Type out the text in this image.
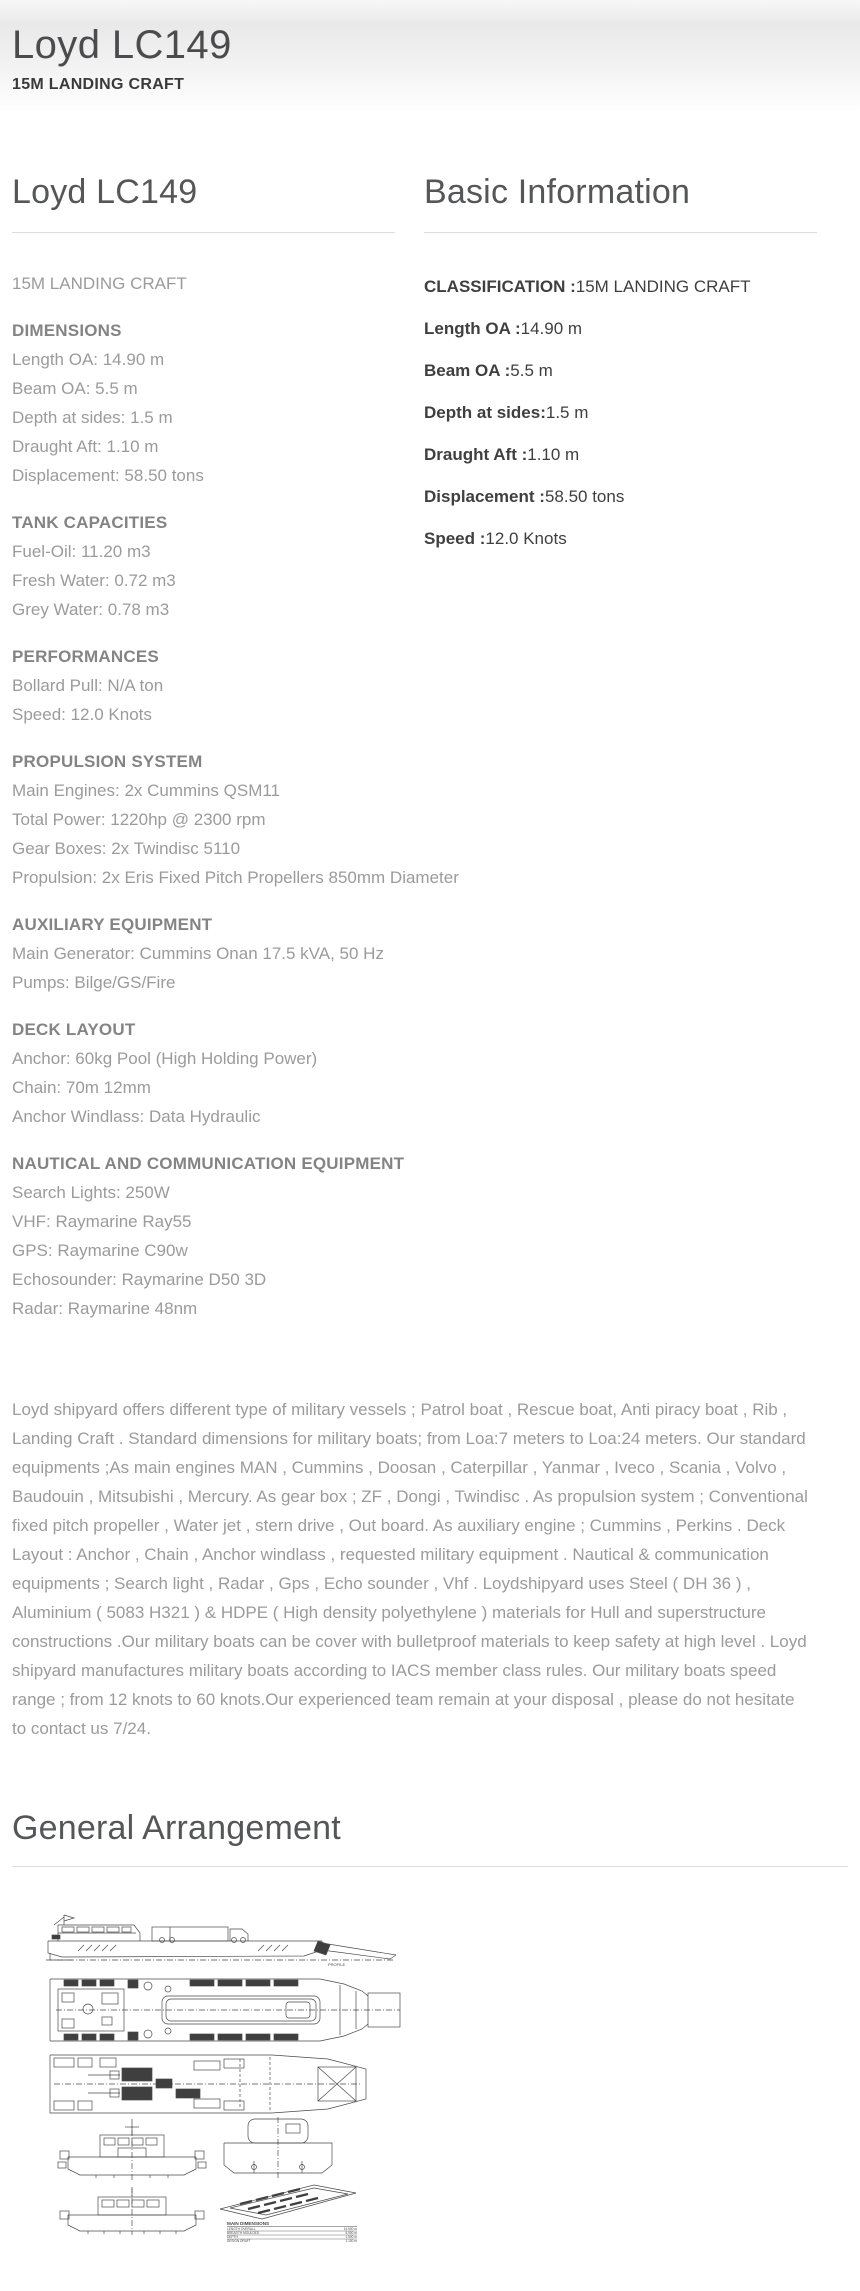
Loyd LC149
15M LANDING CRAFT
Loyd LC149
15M LANDING CRAFT
DIMENSIONS
Length OA: 14.90 m
Beam OA: 5.5 m
Depth at sides: 1.5 m
Draught Aft: 1.10 m
Displacement: 58.50 tons
TANK CAPACITIES
Fuel-Oil: 11.20 m3
Fresh Water: 0.72 m3
Grey Water: 0.78 m3
PERFORMANCES
Bollard Pull: N/A ton
Speed: 12.0 Knots
PROPULSION SYSTEM
Main Engines: 2x Cummins QSM11
Total Power: 1220hp @ 2300 rpm
Gear Boxes: 2x Twindisc 5110
Propulsion: 2x Eris Fixed Pitch Propellers 850mm Diameter
AUXILIARY EQUIPMENT
Main Generator: Cummins Onan 17.5 kVA, 50 Hz
Pumps: Bilge/GS/Fire
DECK LAYOUT
Anchor: 60kg Pool (High Holding Power)
Chain: 70m 12mm
Anchor Windlass: Data Hydraulic
NAUTICAL AND COMMUNICATION EQUIPMENT
Search Lights: 250W
VHF: Raymarine Ray55
GPS: Raymarine C90w
Echosounder: Raymarine D50 3D
Radar: Raymarine 48nm
Basic Information
CLASSIFICATION :15M LANDING CRAFT
Length OA :14.90 m
Beam OA :5.5 m
Depth at sides:1.5 m
Draught Aft :1.10 m
Displacement :58.50 tons
Speed :12.0 Knots

Loyd shipyard offers different type of military vessels ; Patrol boat , Rescue boat, Anti piracy boat , Rib , Landing Craft . Standard dimensions for military boats; from Loa:7 meters to Loa:24 meters. Our standard equipments ;As main engines MAN , Cummins , Doosan , Caterpillar , Yanmar , Iveco , Scania , Volvo , Baudouin , Mitsubishi , Mercury. As gear box ; ZF , Dongi , Twindisc . As propulsion system ; Conventional fixed pitch propeller , Water jet , stern drive , Out board. As auxiliary engine ; Cummins , Perkins . Deck Layout : Anchor , Chain , Anchor windlass , requested military equipment . Nautical & communication equipments ; Search light , Radar , Gps , Echo sounder , Vhf . Loydshipyard uses Steel ( DH 36 ) , Aluminium ( 5083 H321 ) & HDPE ( High density polyethylene ) materials for Hull and superstructure constructions .Our military boats can be cover with bulletproof materials to keep safety at high level . Loyd shipyard manufactures military boats according to IACS member class rules. Our military boats speed range ; from 12 knots to 60 knots.Our experienced team remain at your disposal , please do not hesitate to contact us 7/24.

General Arrangement
PROFILE
MAIN DIMENSIONS
LENGTH OVERALL	14.900 m
BREADTH MOULDED	5.500 m
DEPTH	1.500 m
DESIGN DRAFT	1.100 m
